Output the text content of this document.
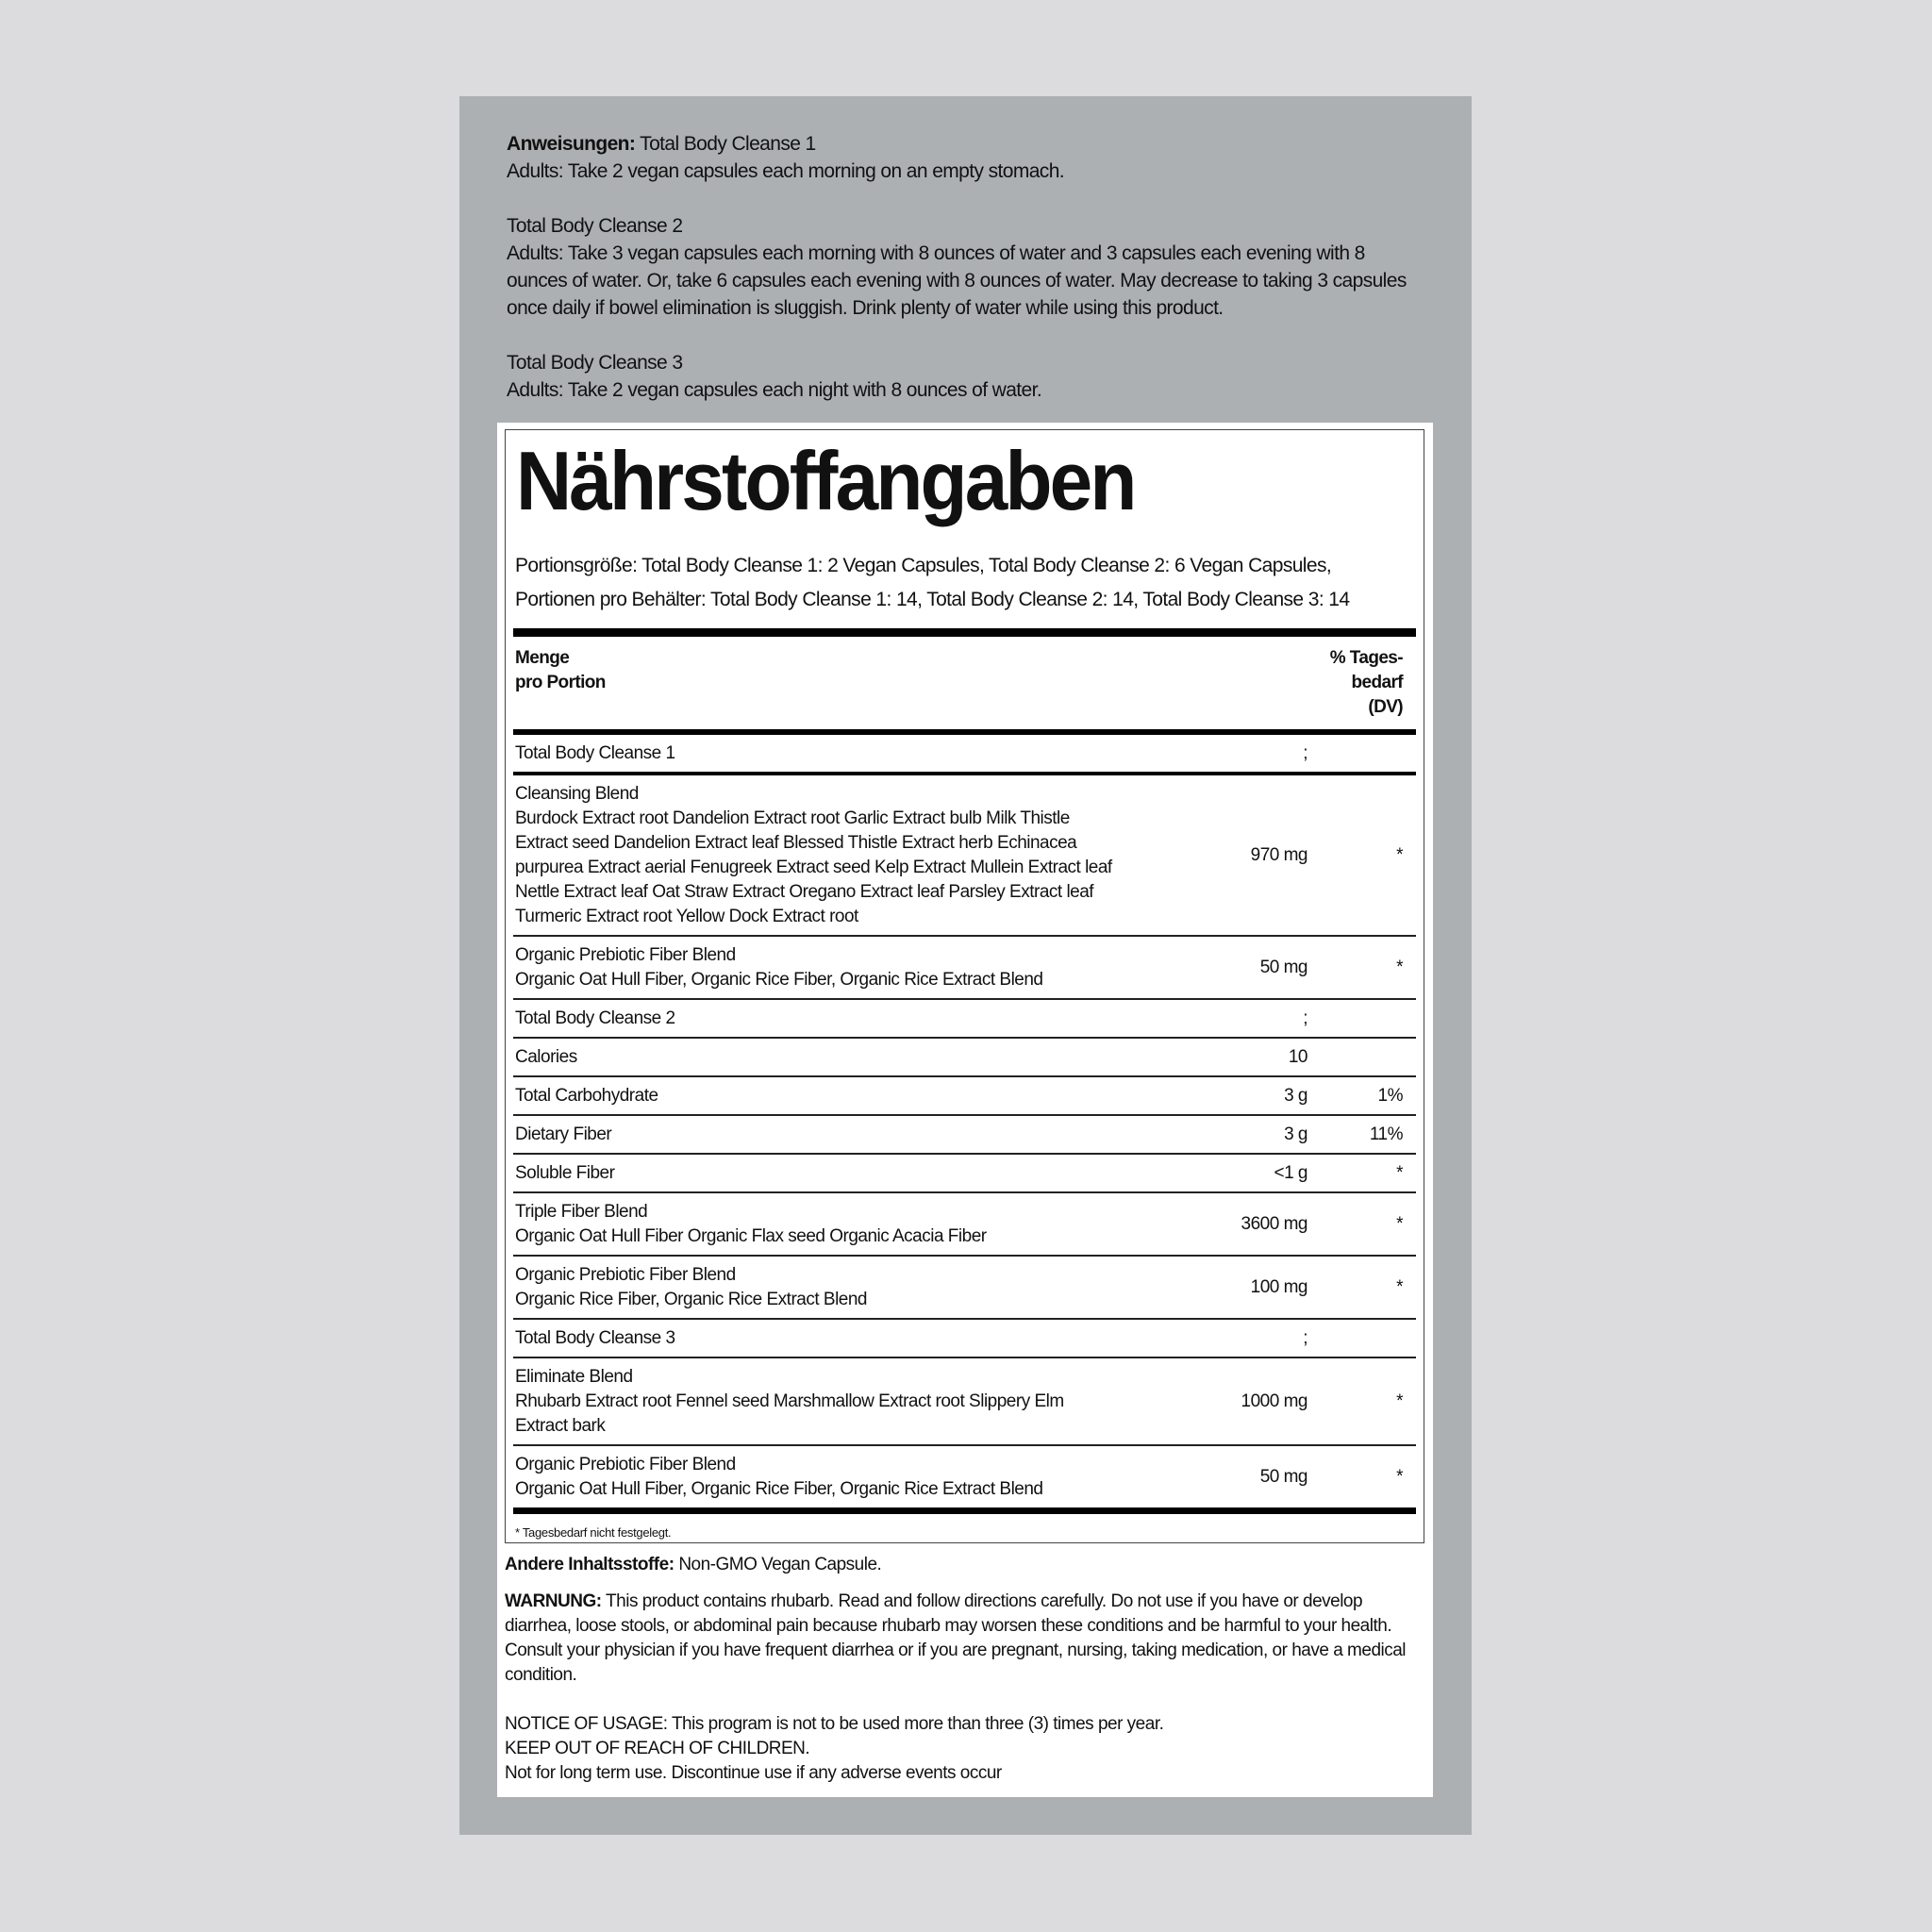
Anweisungen: Total Body Cleanse 1
Adults: Take 2 vegan capsules each morning on an empty stomach.

Total Body Cleanse 2
Adults: Take 3 vegan capsules each morning with 8 ounces of water and 3 capsules each evening with 8 ounces of water. Or, take 6 capsules each evening with 8 ounces of water. May decrease to taking 3 capsules once daily if bowel elimination is sluggish. Drink plenty of water while using this product.

Total Body Cleanse 3
Adults: Take 2 vegan capsules each night with 8 ounces of water.

Nährstoffangaben
Portionsgröße: Total Body Cleanse 1: 2 Vegan Capsules, Total Body Cleanse 2: 6 Vegan Capsules,
Portionen pro Behälter: Total Body Cleanse 1: 14, Total Body Cleanse 2: 14, Total Body Cleanse 3: 14
Menge
pro Portion
% Tages-
bedarf
(DV)
Total Body Cleanse 1	;
Cleansing Blend
Burdock Extract root Dandelion Extract root Garlic Extract bulb Milk Thistle Extract seed Dandelion Extract leaf Blessed Thistle Extract herb Echinacea purpurea Extract aerial Fenugreek Extract seed Kelp Extract Mullein Extract leaf Nettle Extract leaf Oat Straw Extract Oregano Extract leaf Parsley Extract leaf Turmeric Extract root Yellow Dock Extract root
970 mg	*
Organic Prebiotic Fiber Blend
Organic Oat Hull Fiber, Organic Rice Fiber, Organic Rice Extract Blend
50 mg	*
Total Body Cleanse 2	;
Calories	10
Total Carbohydrate	3 g	1%
Dietary Fiber	3 g	11%
Soluble Fiber	<1 g	*
Triple Fiber Blend
Organic Oat Hull Fiber Organic Flax seed Organic Acacia Fiber
3600 mg	*
Organic Prebiotic Fiber Blend
Organic Rice Fiber, Organic Rice Extract Blend
100 mg	*
Total Body Cleanse 3	;
Eliminate Blend
Rhubarb Extract root Fennel seed Marshmallow Extract root Slippery Elm Extract bark
1000 mg	*
Organic Prebiotic Fiber Blend
Organic Oat Hull Fiber, Organic Rice Fiber, Organic Rice Extract Blend
50 mg	*
* Tagesbedarf nicht festgelegt.

Andere Inhaltsstoffe: Non-GMO Vegan Capsule.

WARNUNG: This product contains rhubarb. Read and follow directions carefully. Do not use if you have or develop diarrhea, loose stools, or abdominal pain because rhubarb may worsen these conditions and be harmful to your health. Consult your physician if you have frequent diarrhea or if you are pregnant, nursing, taking medication, or have a medical condition.

NOTICE OF USAGE: This program is not to be used more than three (3) times per year.

KEEP OUT OF REACH OF CHILDREN.

Not for long term use. Discontinue use if any adverse events occur
